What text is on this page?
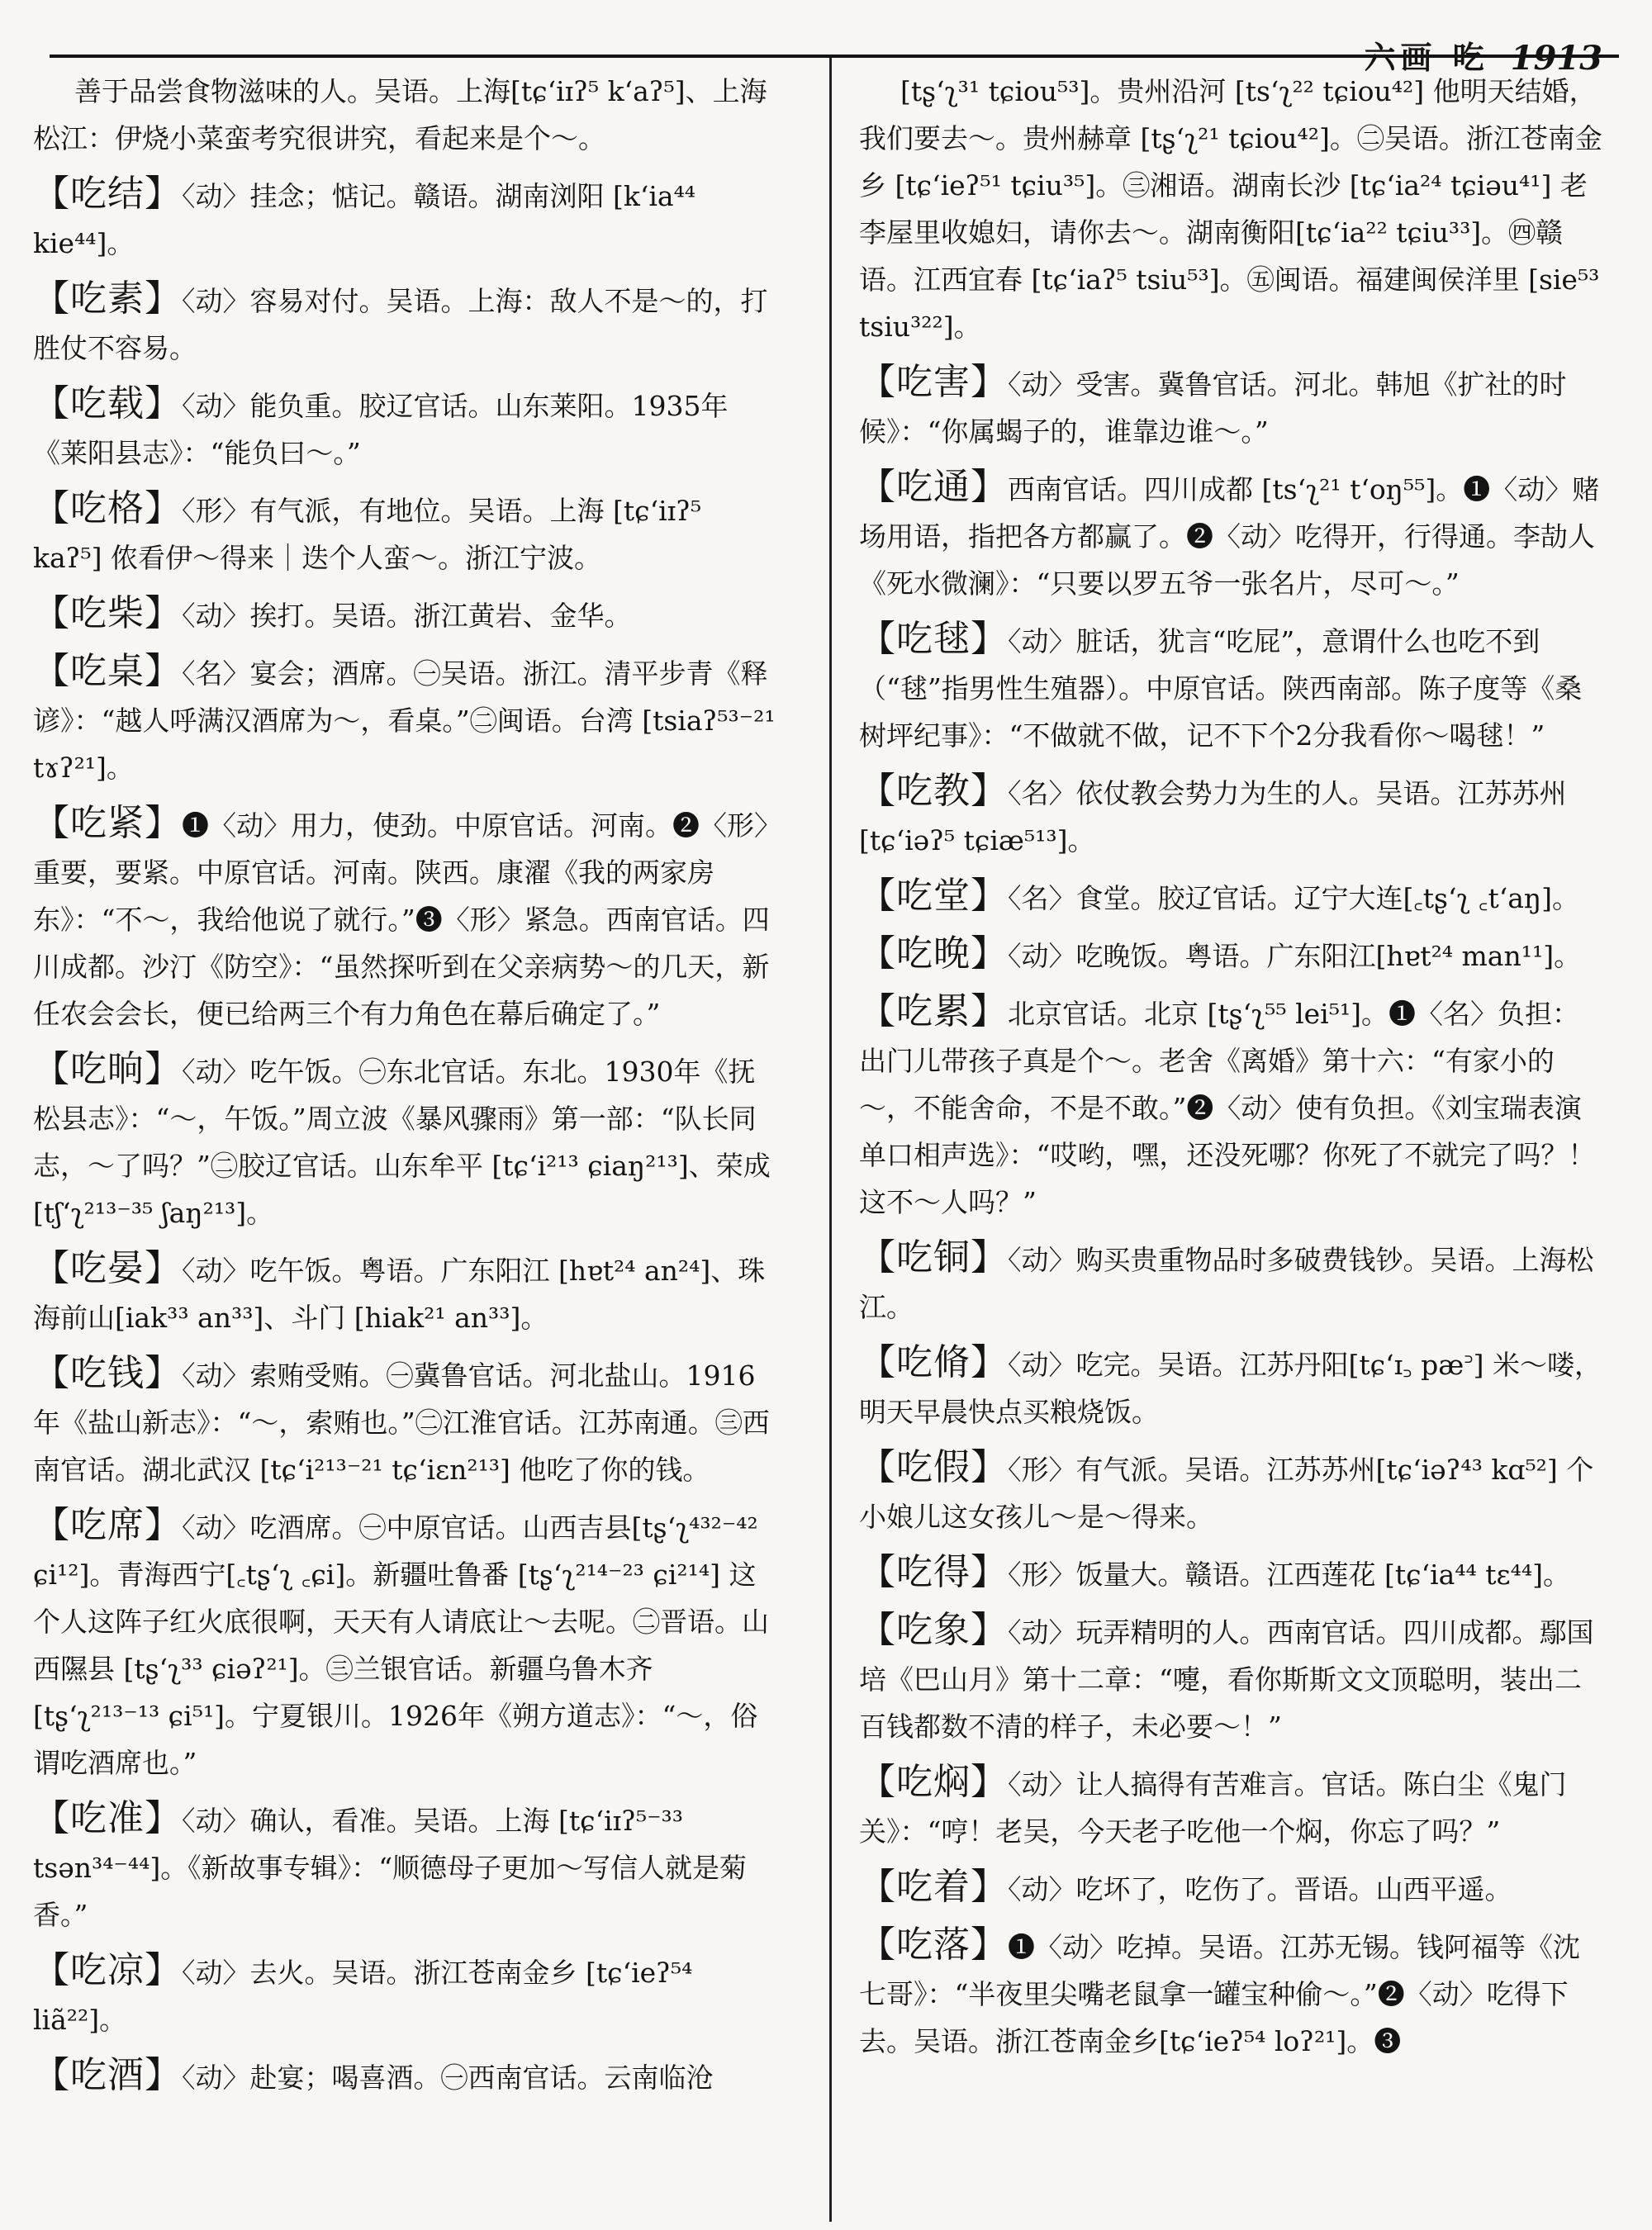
六画 吃 1913

善于品尝食物滋味的人。吴语。上海[tɕʻiɪʔ⁵ kʻaʔ⁵]、上海松江：伊烧小菜蛮考究很讲究，看起来是个～。

【吃结】〈动〉挂念；惦记。赣语。湖南浏阳 [kʻia⁴⁴ kie⁴⁴]。

【吃素】〈动〉容易对付。吴语。上海：敌人不是～的，打胜仗不容易。

【吃载】〈动〉能负重。胶辽官话。山东莱阳。1935年《莱阳县志》：“能负曰～。”

【吃格】〈形〉有气派，有地位。吴语。上海 [tɕʻiɪʔ⁵ kaʔ⁵] 侬看伊～得来｜迭个人蛮～。浙江宁波。

【吃柴】〈动〉挨打。吴语。浙江黄岩、金华。

【吃桌】〈名〉宴会；酒席。㊀吴语。浙江。清平步青《释谚》：“越人呼满汉酒席为～，看桌。”㊁闽语。台湾 [tsiaʔ⁵³⁻²¹ tɤʔ²¹]。

【吃紧】❶〈动〉用力，使劲。中原官话。河南。❷〈形〉重要，要紧。中原官话。河南。陕西。康濯《我的两家房东》：“不～，我给他说了就行。”❸〈形〉紧急。西南官话。四川成都。沙汀《防空》：“虽然探听到在父亲病势～的几天，新任农会会长，便已给两三个有力角色在幕后确定了。”

【吃晌】〈动〉吃午饭。㊀东北官话。东北。1930年《抚松县志》：“～，午饭。”周立波《暴风骤雨》第一部：“队长同志，～了吗？”㊁胶辽官话。山东牟平 [tɕʻi²¹³ ɕiaŋ²¹³]、荣成 [tʃʻʅ²¹³⁻³⁵ ʃaŋ²¹³]。

【吃晏】〈动〉吃午饭。粤语。广东阳江 [hɐt²⁴ an²⁴]、珠海前山[iak³³ an³³]、斗门 [hiak²¹ an³³]。

【吃钱】〈动〉索贿受贿。㊀冀鲁官话。河北盐山。1916年《盐山新志》：“～，索贿也。”㊁江淮官话。江苏南通。㊂西南官话。湖北武汉 [tɕʻi²¹³⁻²¹ tɕʻiɛn²¹³] 他吃了你的钱。

【吃席】〈动〉吃酒席。㊀中原官话。山西吉县[tʂʻʅ⁴³²⁻⁴² ɕi¹²]。青海西宁[꜀tʂʻʅ ꜀ɕi]。新疆吐鲁番 [tʂʻʅ²¹⁴⁻²³ ɕi²¹⁴] 这个人这阵子红火底很啊，天天有人请底让～去呢。㊁晋语。山西隰县 [tʂʻʅ³³ ɕiəʔ²¹]。㊂兰银官话。新疆乌鲁木齐[tʂʻʅ²¹³⁻¹³ ɕi⁵¹]。宁夏银川。1926年《朔方道志》：“～，俗谓吃酒席也。”

【吃准】〈动〉确认，看准。吴语。上海 [tɕʻiɪʔ⁵⁻³³ tsən³⁴⁻⁴⁴]。《新故事专辑》：“顺德母子更加～写信人就是菊香。”

【吃凉】〈动〉去火。吴语。浙江苍南金乡 [tɕʻieʔ⁵⁴ liã²²]。

【吃酒】〈动〉赴宴；喝喜酒。㊀西南官话。云南临沧

[tʂʻʅ³¹ tɕiou⁵³]。贵州沿河 [tsʻʅ²² tɕiou⁴²] 他明天结婚，我们要去～。贵州赫章 [tʂʻʅ²¹ tɕiou⁴²]。㊁吴语。浙江苍南金乡 [tɕʻieʔ⁵¹ tɕiu³⁵]。㊂湘语。湖南长沙 [tɕʻia²⁴ tɕiəu⁴¹] 老李屋里收媳妇，请你去～。湖南衡阳[tɕʻia²² tɕiu³³]。㊃赣语。江西宜春 [tɕʻiaʔ⁵ tsiu⁵³]。㊄闽语。福建闽侯洋里 [sie⁵³ tsiu³²²]。

【吃害】〈动〉受害。冀鲁官话。河北。韩旭《扩社的时候》：“你属蝎子的，谁靠边谁～。”

【吃通】西南官话。四川成都 [tsʻʅ²¹ tʻoŋ⁵⁵]。❶〈动〉赌场用语，指把各方都赢了。❷〈动〉吃得开，行得通。李劼人《死水微澜》：“只要以罗五爷一张名片，尽可～。”

【吃毬】〈动〉脏话，犹言“吃屁”，意谓什么也吃不到（“毬”指男性生殖器）。中原官话。陕西南部。陈子度等《桑树坪纪事》：“不做就不做，记不下个2分我看你～喝毬！”

【吃教】〈名〉依仗教会势力为生的人。吴语。江苏苏州 [tɕʻiəʔ⁵ tɕiæ⁵¹³]。

【吃堂】〈名〉食堂。胶辽官话。辽宁大连[꜀tʂʻʅ ꜀tʻaŋ]。

【吃晚】〈动〉吃晚饭。粤语。广东阳江[hɐt²⁴ man¹¹]。

【吃累】北京官话。北京 [tʂʻʅ⁵⁵ lei⁵¹]。❶〈名〉负担：出门儿带孩子真是个～。老舍《离婚》第十六：“有家小的～，不能舍命，不是不敢。”❷〈动〉使有负担。《刘宝瑞表演单口相声选》：“哎哟，嘿，还没死哪？你死了不就完了吗？！这不～人吗？”

【吃铜】〈动〉购买贵重物品时多破费钱钞。吴语。上海松江。

【吃脩】〈动〉吃完。吴语。江苏丹阳[tɕʻɪ꜆ pæ꜄] 米～喽，明天早晨快点买粮烧饭。

【吃假】〈形〉有气派。吴语。江苏苏州[tɕʻiəʔ⁴³ kɑ⁵²] 个小娘儿这女孩儿～是～得来。

【吃得】〈形〉饭量大。赣语。江西莲花 [tɕʻia⁴⁴ tɛ⁴⁴]。

【吃象】〈动〉玩弄精明的人。西南官话。四川成都。鄢国培《巴山月》第十二章：“嚏，看你斯斯文文顶聪明，装出二百钱都数不清的样子，未必要～！”

【吃焖】〈动〉让人搞得有苦难言。官话。陈白尘《鬼门关》：“哼！老吴，今天老子吃他一个焖，你忘了吗？”

【吃着】〈动〉吃坏了，吃伤了。晋语。山西平遥。

【吃落】❶〈动〉吃掉。吴语。江苏无锡。钱阿福等《沈七哥》：“半夜里尖嘴老鼠拿一罐宝种偷～。”❷〈动〉吃得下去。吴语。浙江苍南金乡[tɕʻieʔ⁵⁴ loʔ²¹]。❸
